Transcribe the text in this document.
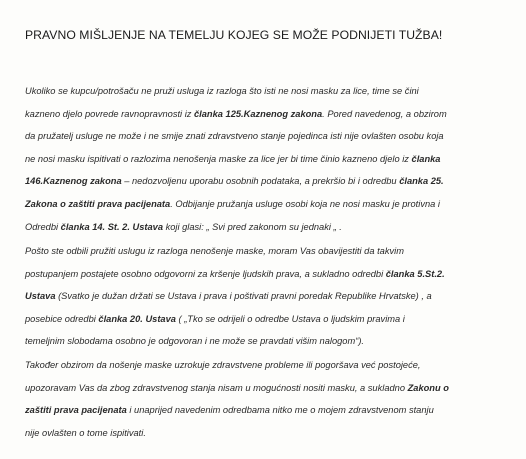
PRAVNO MIŠLJENJE NA TEMELJU KOJEG SE MOŽE PODNIJETI TUŽBA!
Ukoliko se kupcu/potrošaču ne pruži usluga iz razloga što isti ne nosi masku za lice, time se čini
kazneno djelo povrede ravnopravnosti iz članka 125.Kaznenog zakona. Pored navedenog, a obzirom
da pružatelj usluge ne može i ne smije znati zdravstveno stanje pojedinca isti nije ovlašten osobu koja
ne nosi masku ispitivati o razlozima nenošenja maske za lice jer bi time činio kazneno djelo iz članka
146.Kaznenog zakona – nedozvoljenu uporabu osobnih podataka, a prekršio bi i odredbu članka 25.
Zakona o zaštiti prava pacijenata. Odbijanje pružanja usluge osobi koja ne nosi masku je protivna i
Odredbi članka 14. St. 2. Ustava koji glasi: „ Svi pred zakonom su jednaki „ .
Pošto ste odbili pružiti uslugu iz razloga nenošenje maske, moram Vas obavijestiti da takvim
postupanjem postajete osobno odgovorni za kršenje ljudskih prava, a sukladno odredbi članka 5.St.2.
Ustava (Svatko je dužan držati se Ustava i prava i poštivati pravni poredak Republike Hrvatske) , a
posebice odredbi članka 20. Ustava ( „Tko se odrijeli o odredbe Ustava o ljudskim pravima i
temeljnim slobodama osobno je odgovoran i ne može se pravdati višim nalogom“).
Također obzirom da nošenje maske uzrokuje zdravstvene probleme ili pogoršava već postojeće,
upozoravam Vas da zbog zdravstvenog stanja nisam u mogućnosti nositi masku, a sukladno Zakonu o
zaštiti prava pacijenata i unaprijed navedenim odredbama nitko me o mojem zdravstvenom stanju
nije ovlašten o tome ispitivati.
